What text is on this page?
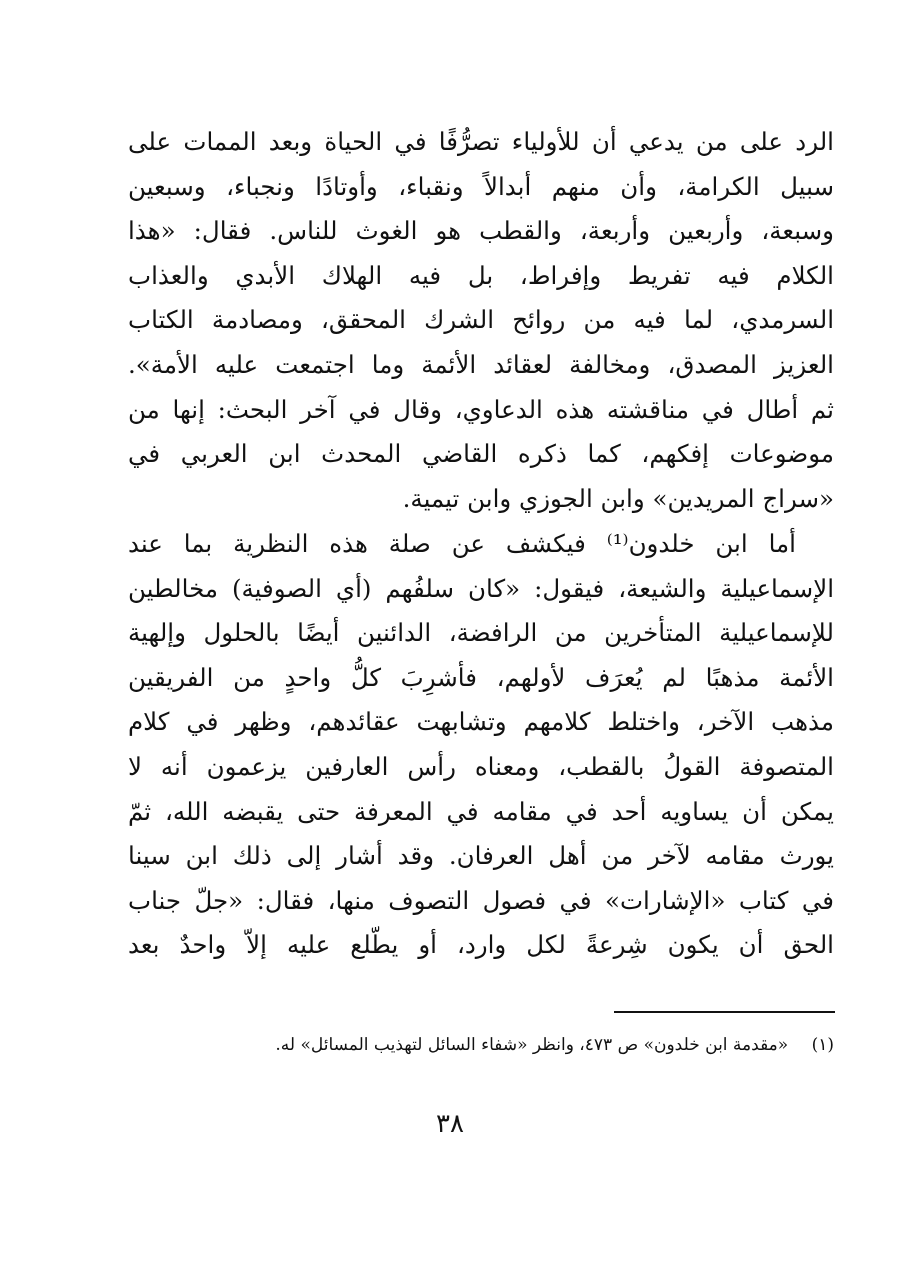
الرد على من يدعي أن للأولياء تصرُّفًا في الحياة وبعد الممات على
سبيل الكرامة، وأن منهم أبدالاً ونقباء، وأوتادًا ونجباء، وسبعين
وسبعة، وأربعين وأربعة، والقطب هو الغوث للناس. فقال: «هذا
الكلام فيه تفريط وإفراط، بل فيه الهلاك الأبدي والعذاب
السرمدي، لما فيه من روائح الشرك المحقق، ومصادمة الكتاب
العزيز المصدق، ومخالفة لعقائد الأئمة وما اجتمعت عليه الأمة».
ثم أطال في مناقشته هذه الدعاوي، وقال في آخر البحث: إنها من
موضوعات إفكهم، كما ذكره القاضي المحدث ابن العربي في
«سراج المريدين» وابن الجوزي وابن تيمية.
أما ابن خلدون⁽¹⁾ فيكشف عن صلة هذه النظرية بما عند
الإسماعيلية والشيعة، فيقول: «كان سلفُهم (أي الصوفية) مخالطين
للإسماعيلية المتأخرين من الرافضة، الدائنين أيضًا بالحلول وإلهية
الأئمة مذهبًا لم يُعرَف لأولهم، فأشرِبَ كلُّ واحدٍ من الفريقين
مذهب الآخر، واختلط كلامهم وتشابهت عقائدهم، وظهر في كلام
المتصوفة القولُ بالقطب، ومعناه رأس العارفين يزعمون أنه لا
يمكن أن يساويه أحد في مقامه في المعرفة حتى يقبضه الله، ثمّ
يورث مقامه لآخر من أهل العرفان. وقد أشار إلى ذلك ابن سينا
في كتاب «الإشارات» في فصول التصوف منها، فقال: «جلّ جناب
الحق أن يكون شِرعةً لكل وارد، أو يطّلع عليه إلاّ واحدٌ بعد
(١) «مقدمة ابن خلدون» ص ٤٧٣، وانظر «شفاء السائل لتهذيب المسائل» له.
٣٨
